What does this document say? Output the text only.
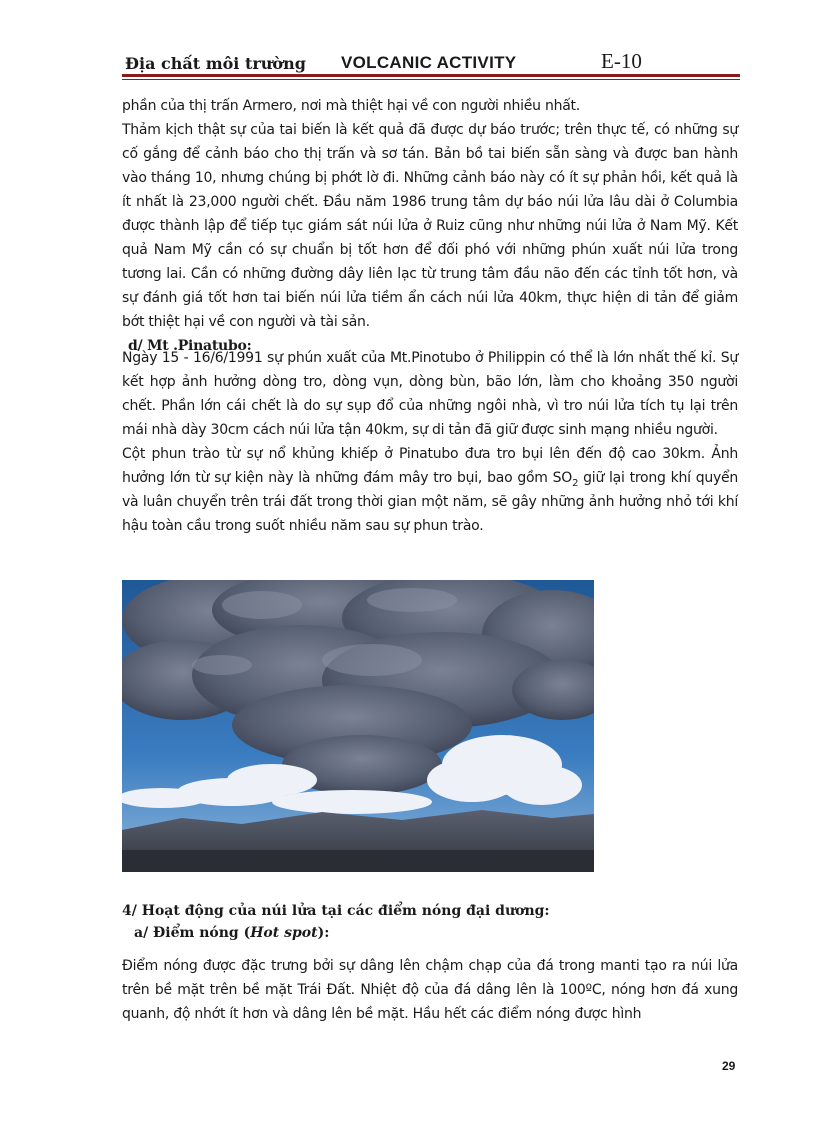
Địa chất môi trường VOLCANIC ACTIVITY	E-10

phần của thị trấn Armero, nơi mà thiệt hại về con người nhiều nhất.

Thảm kịch thật sự của tai biến là kết quả đã được dự báo trước; trên thực tế, có những sự cố gắng để cảnh báo cho thị trấn và sơ tán. Bản bồ tai biến sẵn sàng và được ban hành vào tháng 10, nhưng chúng bị phớt lờ đi. Những cảnh báo này có ít sự phản hồi, kết quả là ít nhất là 23,000 người chết. Đầu năm 1986 trung tâm dự báo núi lửa lâu dài ở Columbia được thành lập để tiếp tục giám sát núi lửa ở Ruiz cũng như những núi lửa ở Nam Mỹ. Kết quả Nam Mỹ cần có sự chuẩn bị tốt hơn để đối phó với những phún xuất núi lửa trong tương lai. Cần có những đường dây liên lạc từ trung tâm đầu não đến các tỉnh tốt hơn, và sự đánh giá tốt hơn tai biến núi lửa tiềm ẩn cách núi lửa 40km, thực hiện di tản để giảm bớt thiệt hại về con người và tài sản.

d/ Mt .Pinatubo:

Ngày 15 - 16/6/1991 sự phún xuất của Mt.Pinotubo ở Philippin có thể là lớn nhất thế kỉ. Sự kết hợp ảnh hưởng dòng tro, dòng vụn, dòng bùn, bão lớn, làm cho khoảng 350 người chết. Phần lớn cái chết là do sự sụp đổ của những ngôi nhà, vì tro núi lửa tích tụ lại trên mái nhà dày 30cm cách núi lửa tận 40km, sự di tản đã giữ được sinh mạng nhiều người.

Cột phun trào từ sự nổ khủng khiếp ở Pinatubo đưa tro bụi lên đến độ cao 30km. Ảnh hưởng lớn từ sự kiện này là những đám mây tro bụi, bao gồm $SO_2$ giữ lại trong khí quyển và luân chuyển trên trái đất trong thời gian một năm, sẽ gây những ảnh hưởng nhỏ tới khí hậu toàn cầu trong suốt nhiều năm sau sự phun trào.

4/ Hoạt động của núi lửa tại các điểm nóng đại dương:
a/ Điểm nóng (Hot spot):

Điểm nóng được đặc trưng bởi sự dâng lên chậm chạp của đá trong manti tạo ra núi lửa trên bề mặt trên bề mặt Trái Đất. Nhiệt độ của đá dâng lên là 100ºC, nóng hơn đá xung quanh, độ nhớt ít hơn và dâng lên bề mặt. Hầu hết các điểm nóng được hình

29
